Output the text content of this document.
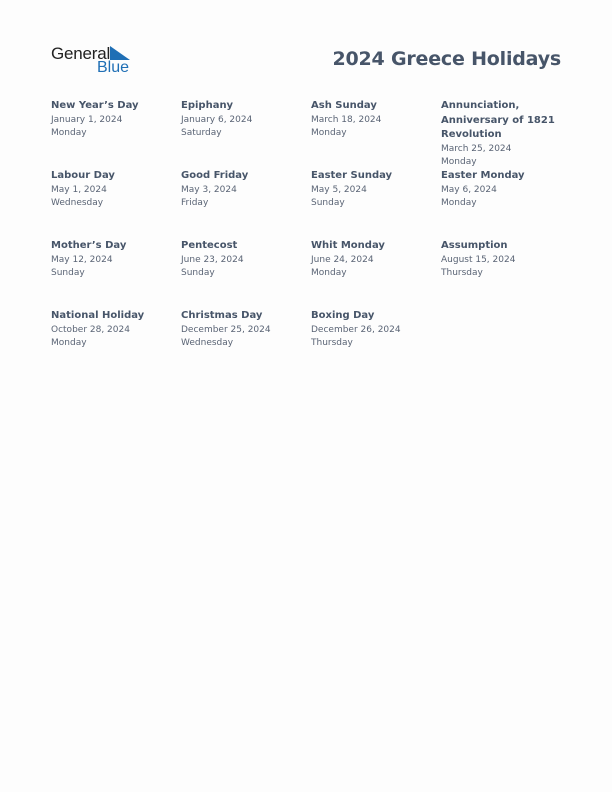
General
Blue	2024 Greece Holidays
New Year’s Day
January 1, 2024
Monday
Epiphany
January 6, 2024
Saturday
Ash Sunday
March 18, 2024
Monday
Annunciation, Anniversary of 1821 Revolution
March 25, 2024
Monday
Labour Day
May 1, 2024
Wednesday
Good Friday
May 3, 2024
Friday
Easter Sunday
May 5, 2024
Sunday
Easter Monday
May 6, 2024
Monday
Mother’s Day
May 12, 2024
Sunday
Pentecost
June 23, 2024
Sunday
Whit Monday
June 24, 2024
Monday
Assumption
August 15, 2024
Thursday
National Holiday
October 28, 2024
Monday
Christmas Day
December 25, 2024
Wednesday
Boxing Day
December 26, 2024
Thursday
